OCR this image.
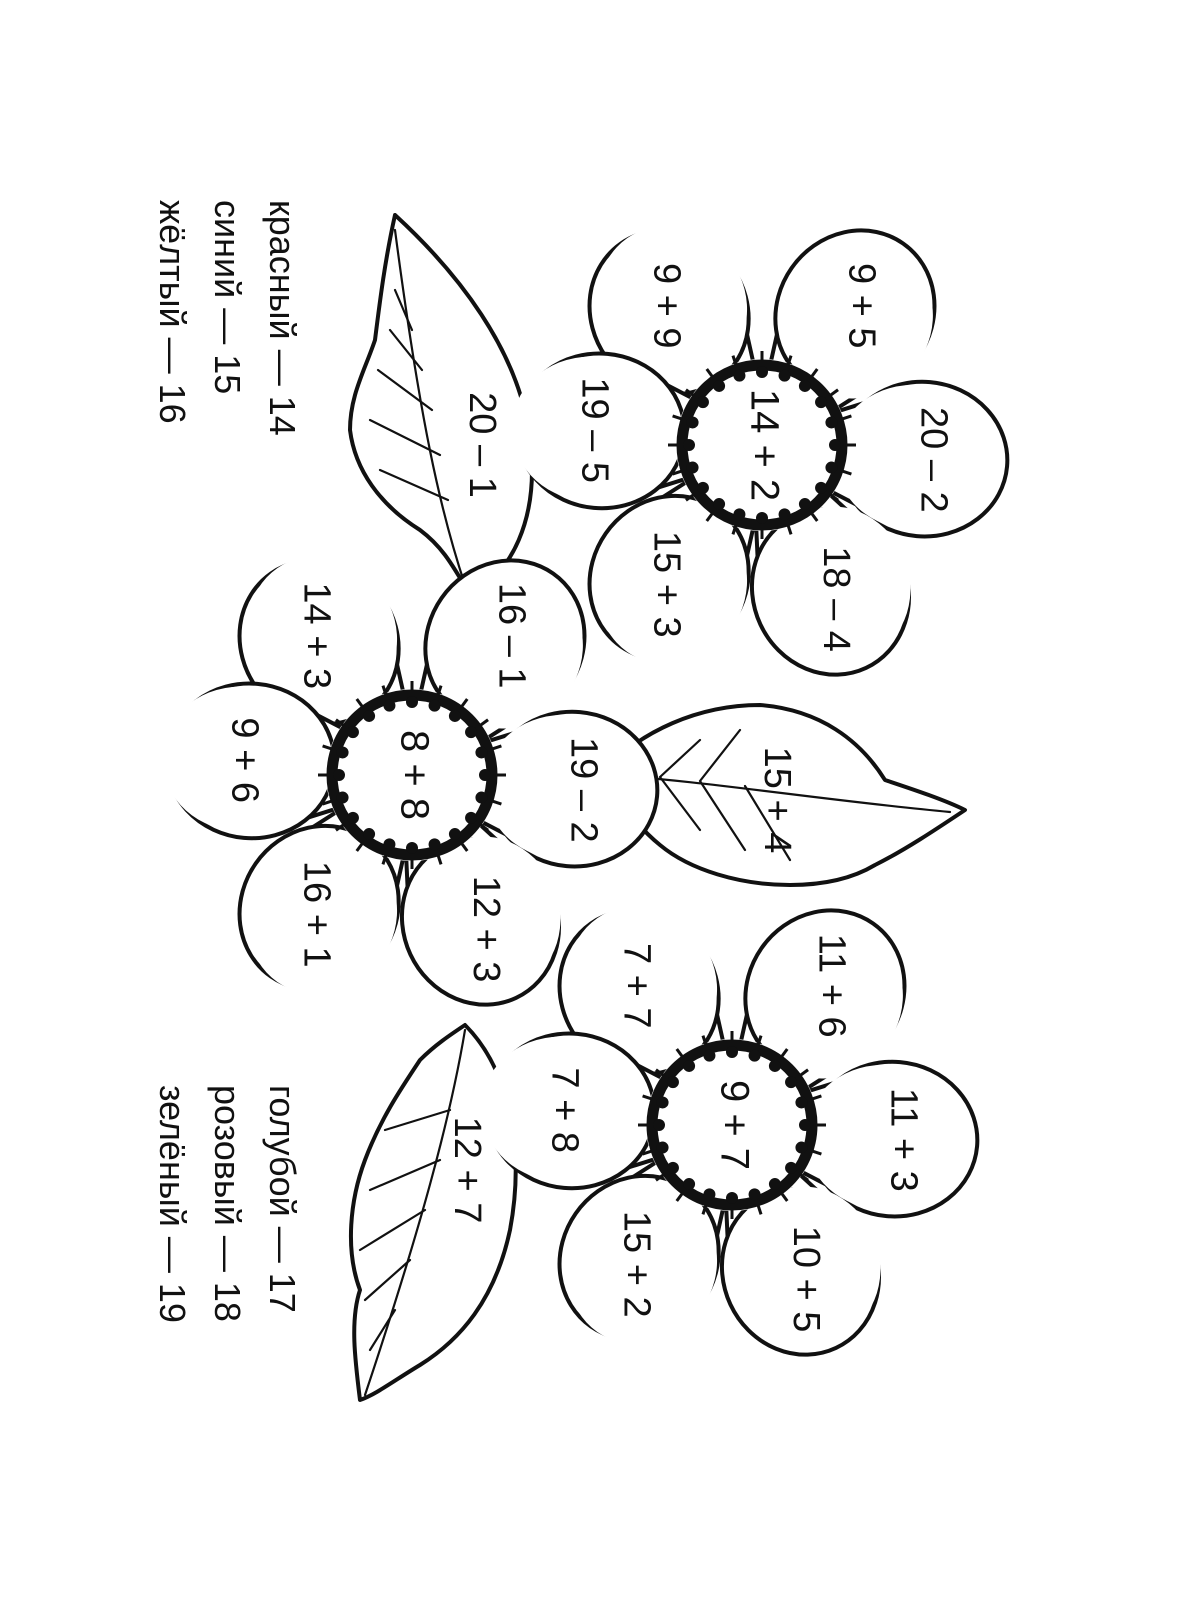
красный — 14
синий — 15
жёлтый — 16
голубой — 17
розовый — 18
зелёный — 19
20 – 1
15 + 4
12 + 7
9 + 9	9 + 5
20 – 2
18 – 4
15 + 3
19 – 5	14 + 2
14 + 3	16 – 1
19 – 2
12 + 3
16 + 1
9 + 6	8 + 8
7 + 7	11 + 6
11 + 3
10 + 5
15 + 2
7 + 8	9 + 7
